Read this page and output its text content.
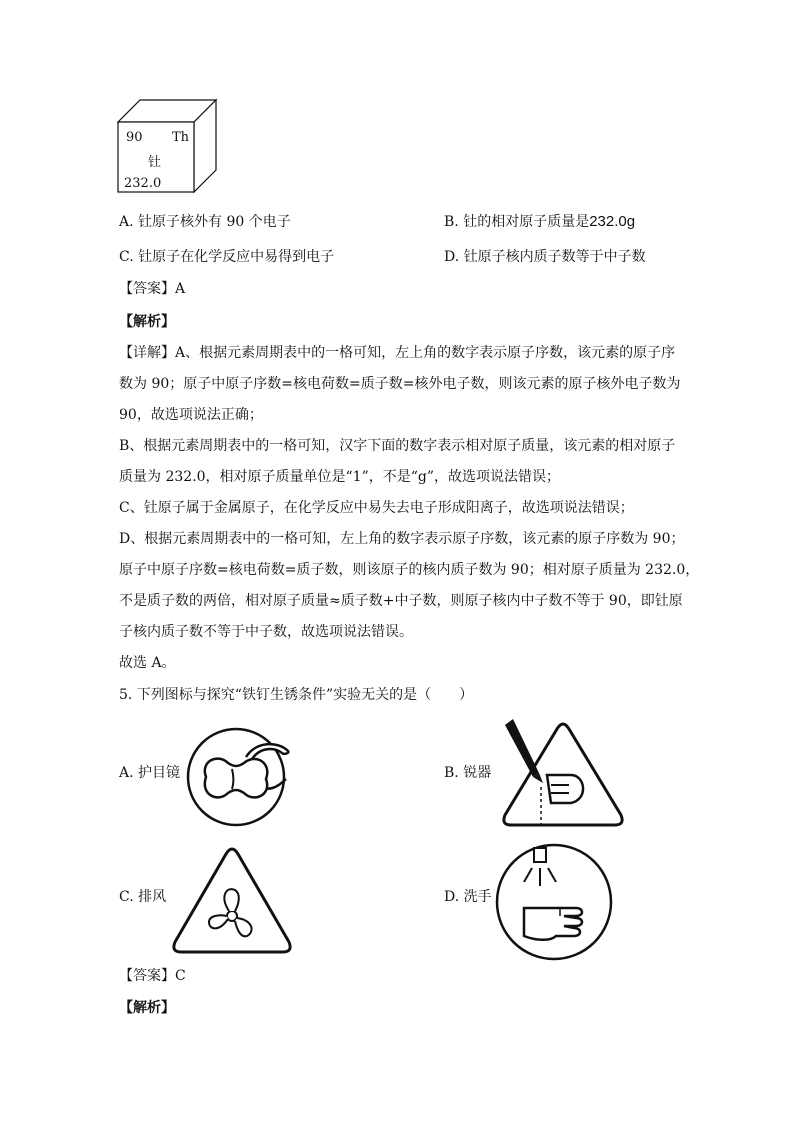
90 Th
钍
232.0
A. 钍原子核外有 90 个电子	B. 钍的相对原子质量是232.0g
C. 钍原子在化学反应中易得到电子	D. 钍原子核内质子数等于中子数
【答案】A
【解析】
【详解】A、根据元素周期表中的一格可知，左上角的数字表示原子序数，该元素的原子序
数为 90；原子中原子序数=核电荷数=质子数=核外电子数，则该元素的原子核外电子数为
90，故选项说法正确；
B、根据元素周期表中的一格可知，汉字下面的数字表示相对原子质量，该元素的相对原子
质量为 232.0，相对原子质量单位是“1”，不是“g”，故选项说法错误；
C、钍原子属于金属原子，在化学反应中易失去电子形成阳离子，故选项说法错误；
D、根据元素周期表中的一格可知，左上角的数字表示原子序数，该元素的原子序数为 90；
原子中原子序数=核电荷数=质子数，则该原子的核内质子数为 90；相对原子质量为 232.0，
不是质子数的两倍，相对原子质量≈质子数+中子数，则原子核内中子数不等于 90，即钍原
子核内质子数不等于中子数，故选项说法错误。
故选 A。
5. 下列图标与探究“铁钉生锈条件”实验无关的是（　　）
A. 护目镜	B. 锐器
C. 排风	D. 洗手
【答案】C
【解析】
